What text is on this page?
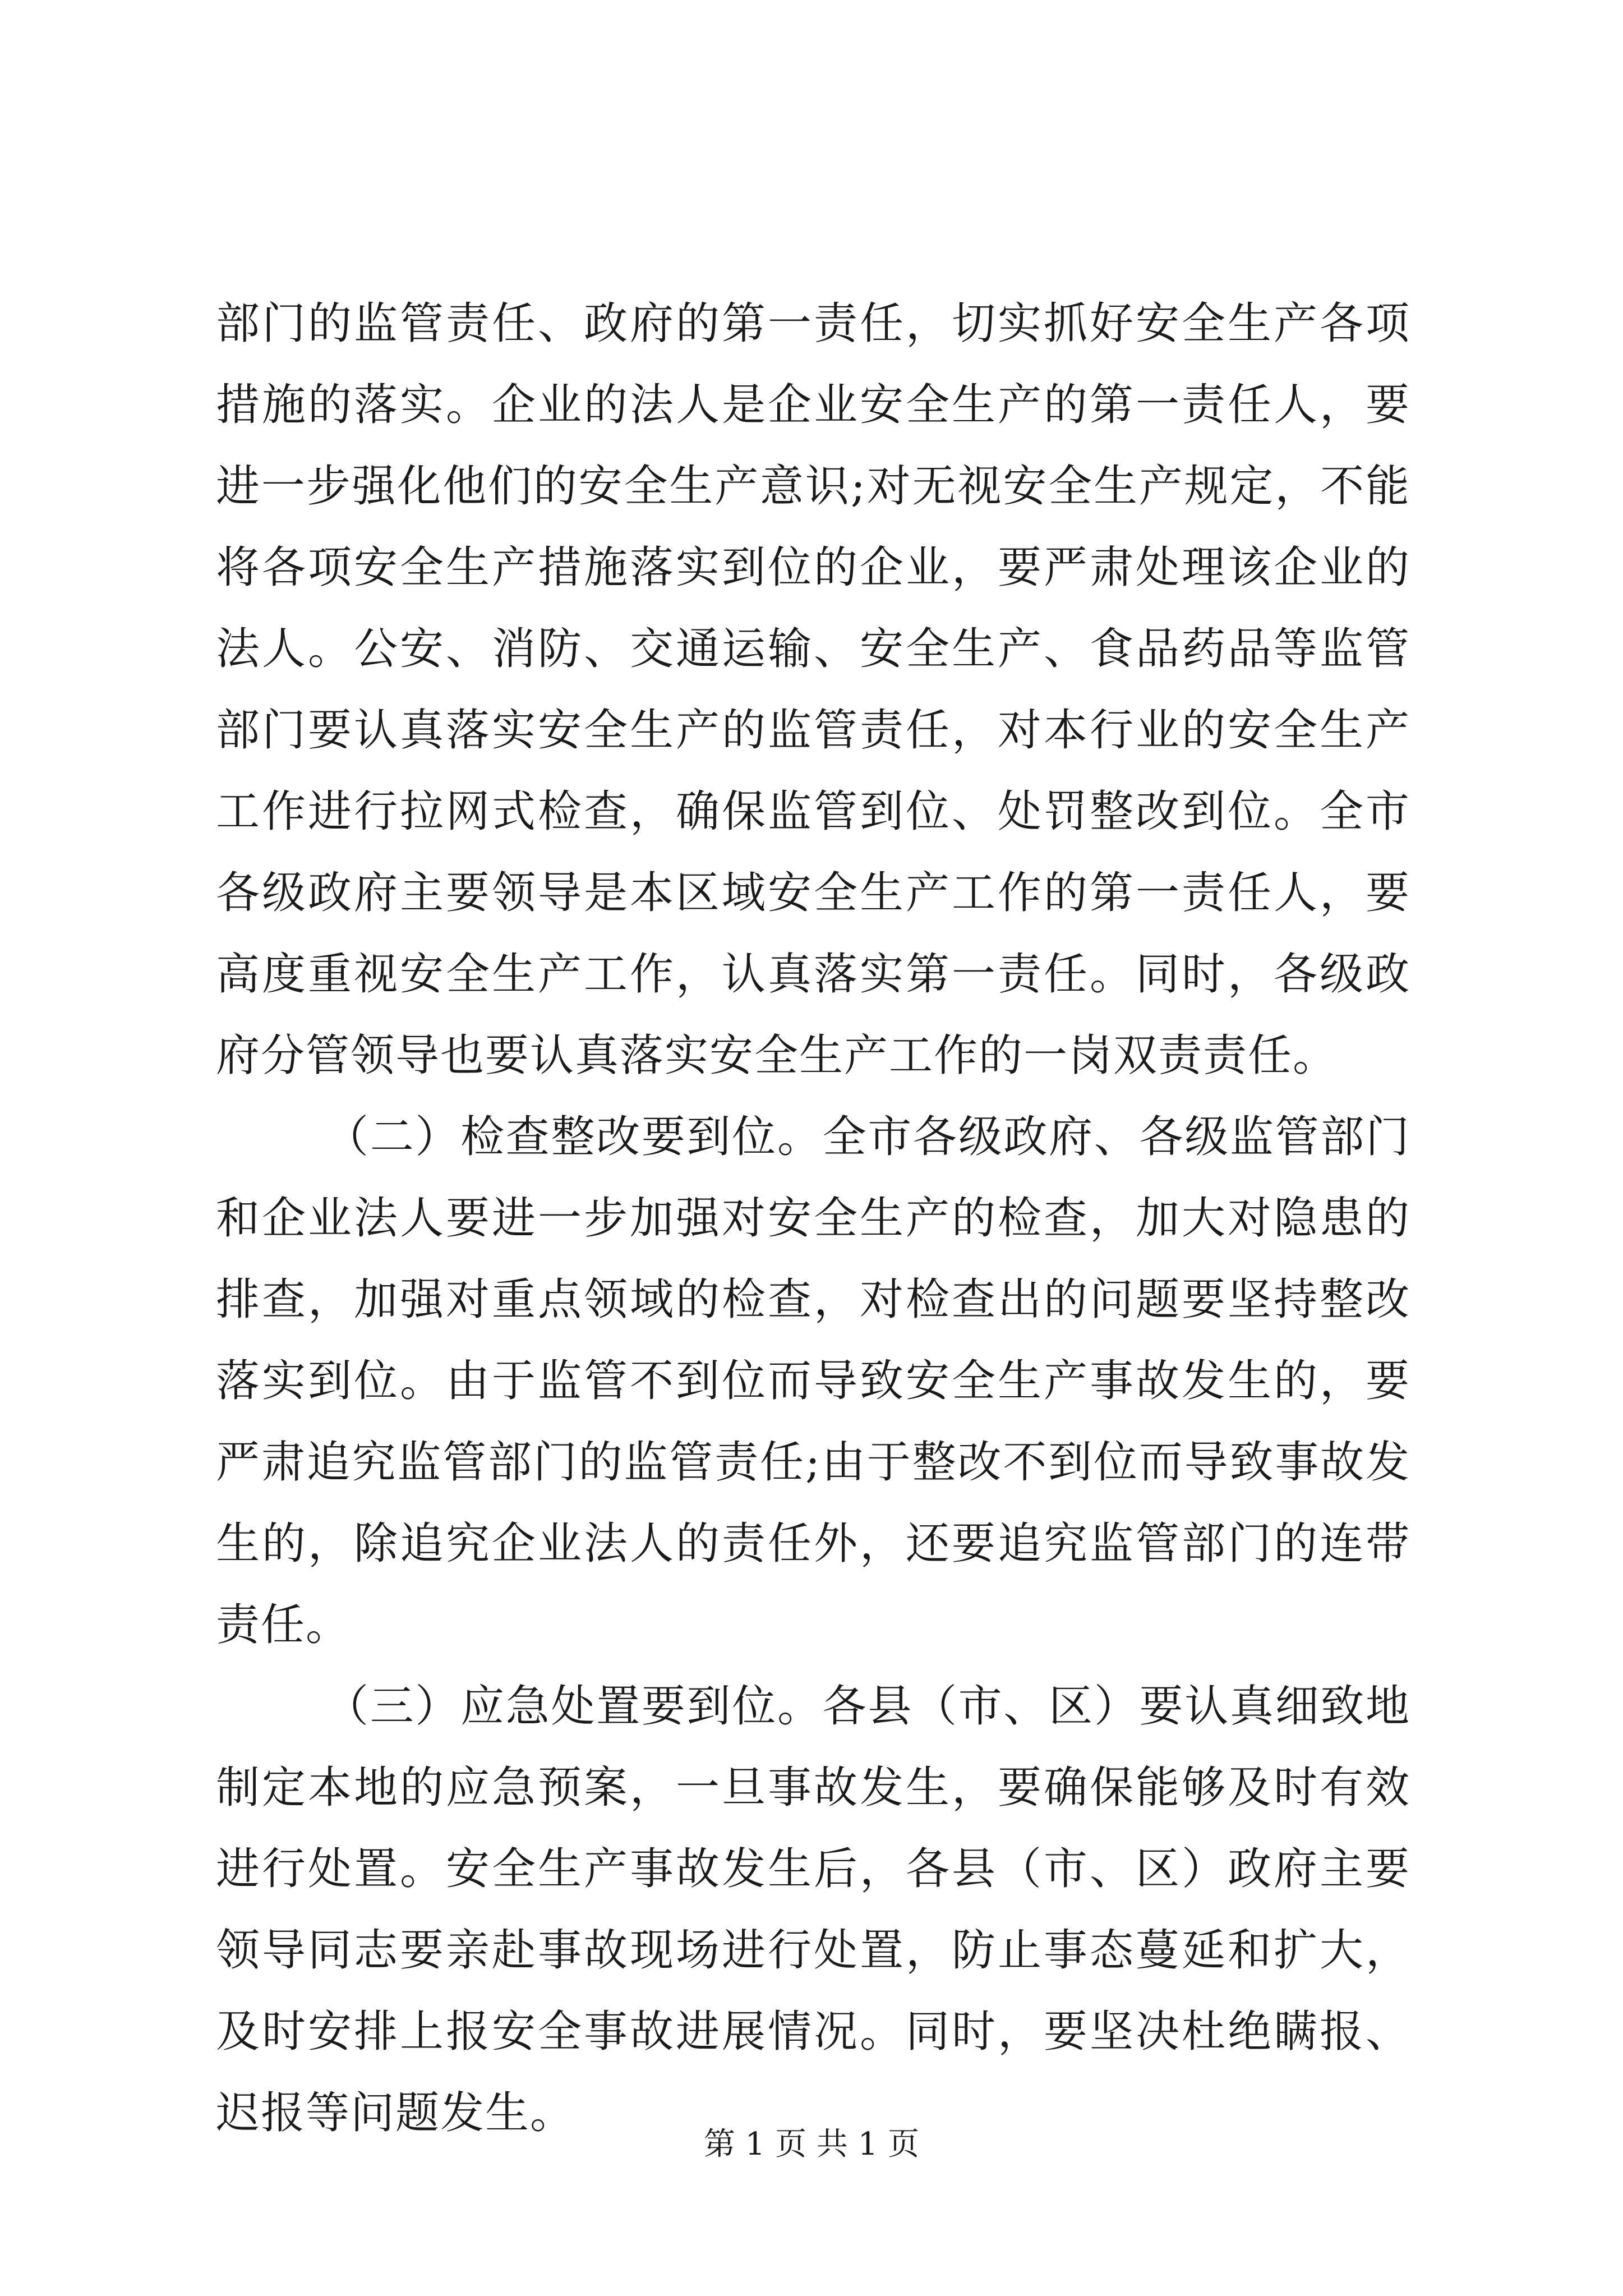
部门的监管责任、政府的第一责任，切实抓好安全生产各项措施的落实。企业的法人是企业安全生产的第一责任人，要进一步强化他们的安全生产意识;对无视安全生产规定，不能将各项安全生产措施落实到位的企业，要严肃处理该企业的法人。公安、消防、交通运输、安全生产、食品药品等监管部门要认真落实安全生产的监管责任，对本行业的安全生产工作进行拉网式检查，确保监管到位、处罚整改到位。全市各级政府主要领导是本区域安全生产工作的第一责任人，要高度重视安全生产工作，认真落实第一责任。同时，各级政府分管领导也要认真落实安全生产工作的一岗双责责任。

（二）检查整改要到位。全市各级政府、各级监管部门和企业法人要进一步加强对安全生产的检查，加大对隐患的排查，加强对重点领域的检查，对检查出的问题要坚持整改落实到位。由于监管不到位而导致安全生产事故发生的，要严肃追究监管部门的监管责任;由于整改不到位而导致事故发生的，除追究企业法人的责任外，还要追究监管部门的连带责任。

（三）应急处置要到位。各县（市、区）要认真细致地制定本地的应急预案，一旦事故发生，要确保能够及时有效进行处置。安全生产事故发生后，各县（市、区）政府主要领导同志要亲赴事故现场进行处置，防止事态蔓延和扩大，及时安排上报安全事故进展情况。同时，要坚决杜绝瞒报、迟报等问题发生。

第 1 页 共 1 页
